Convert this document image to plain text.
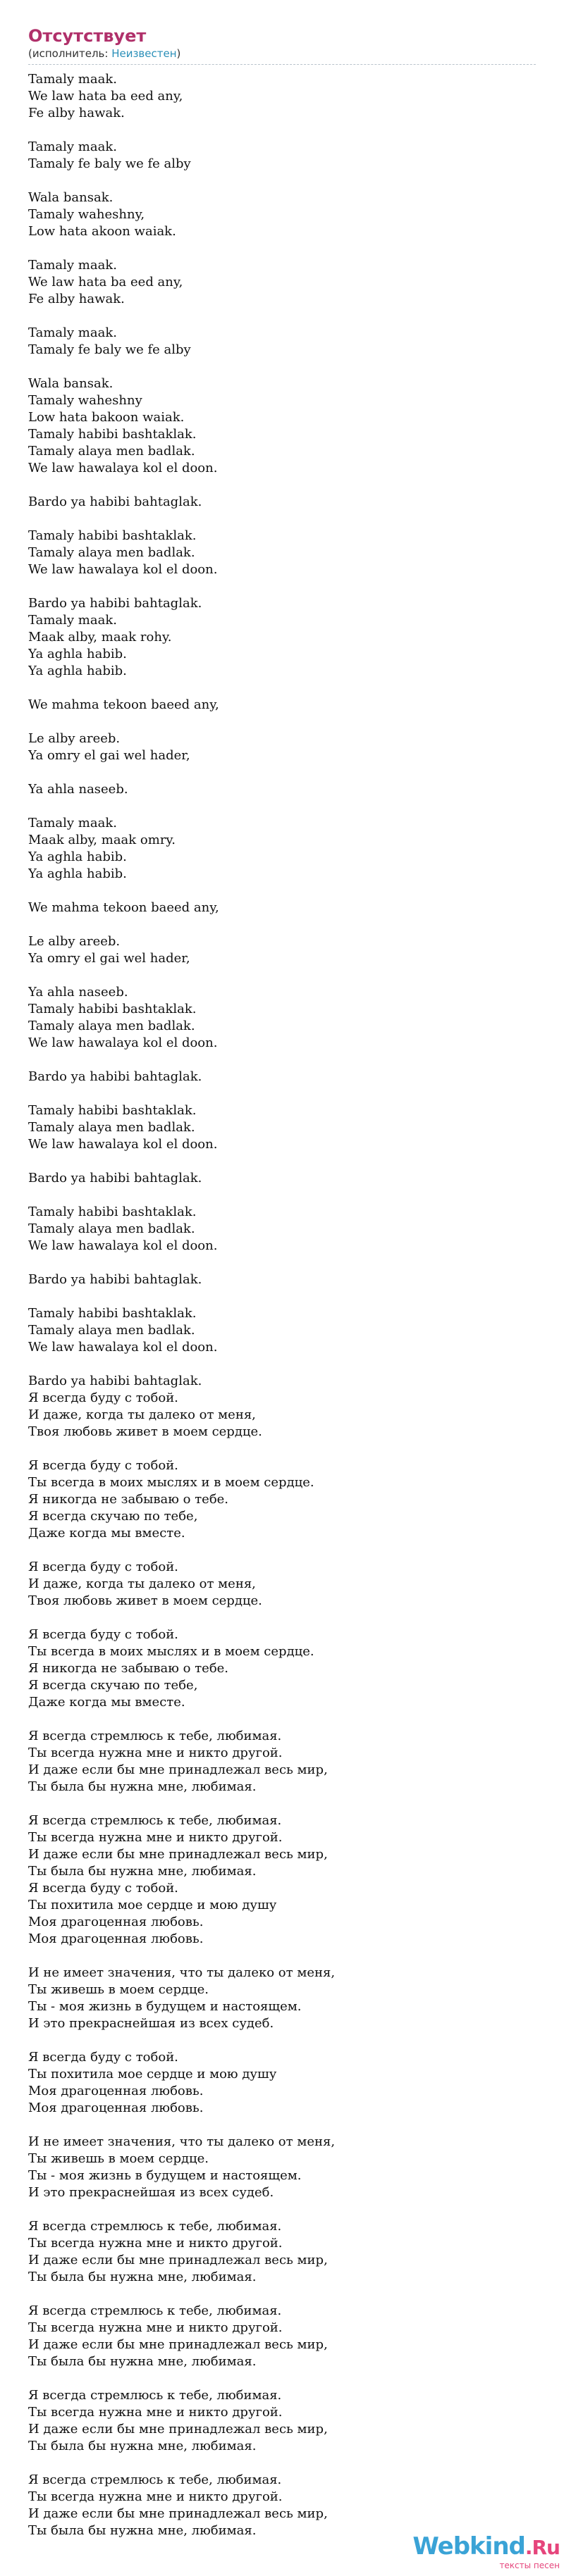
Отсутствует
(исполнитель: Неизвестен)
Tamaly maak.
We law hata ba eed any,
Fe alby hawak.
Tamaly maak.
Tamaly fe baly we fe alby
Wala bansak.
Tamaly waheshny,
Low hata akoon waiak.
Tamaly maak.
We law hata ba eed any,
Fe alby hawak.
Tamaly maak.
Tamaly fe baly we fe alby
Wala bansak.
Tamaly waheshny
Low hata bakoon waiak.
Tamaly habibi bashtaklak.
Tamaly alaya men badlak.
We law hawalaya kol el doon.
Bardo ya habibi bahtaglak.
Tamaly habibi bashtaklak.
Tamaly alaya men badlak.
We law hawalaya kol el doon.
Bardo ya habibi bahtaglak.
Tamaly maak.
Maak alby, maak rohy.
Ya aghla habib.
Ya aghla habib.
We mahma tekoon baeed any,
Le alby areeb.
Ya omry el gai wel hader,
Ya ahla naseeb.
Tamaly maak.
Maak alby, maak omry.
Ya aghla habib.
Ya aghla habib.
We mahma tekoon baeed any,
Le alby areeb.
Ya omry el gai wel hader,
Ya ahla naseeb.
Tamaly habibi bashtaklak.
Tamaly alaya men badlak.
We law hawalaya kol el doon.
Bardo ya habibi bahtaglak.
Tamaly habibi bashtaklak.
Tamaly alaya men badlak.
We law hawalaya kol el doon.
Bardo ya habibi bahtaglak.
Tamaly habibi bashtaklak.
Tamaly alaya men badlak.
We law hawalaya kol el doon.
Bardo ya habibi bahtaglak.
Tamaly habibi bashtaklak.
Tamaly alaya men badlak.
We law hawalaya kol el doon.
Bardo ya habibi bahtaglak.
Я всегда буду с тобой.
И даже, когда ты далеко от меня,
Твоя любовь живет в моем сердце.
Я всегда буду с тобой.
Ты всегда в моих мыслях и в моем сердце.
Я никогда не забываю о тебе.
Я всегда скучаю по тебе,
Даже когда мы вместе.
Я всегда буду с тобой.
И даже, когда ты далеко от меня,
Твоя любовь живет в моем сердце.
Я всегда буду с тобой.
Ты всегда в моих мыслях и в моем сердце.
Я никогда не забываю о тебе.
Я всегда скучаю по тебе,
Даже когда мы вместе.
Я всегда стремлюсь к тебе, любимая.
Ты всегда нужна мне и никто другой.
И даже если бы мне принадлежал весь мир,
Ты была бы нужна мне, любимая.
Я всегда стремлюсь к тебе, любимая.
Ты всегда нужна мне и никто другой.
И даже если бы мне принадлежал весь мир,
Ты была бы нужна мне, любимая.
Я всегда буду с тобой.
Ты похитила мое сердце и мою душу
Моя драгоценная любовь.
Моя драгоценная любовь.
И не имеет значения, что ты далеко от меня,
Ты живешь в моем сердце.
Ты - моя жизнь в будущем и настоящем.
И это прекраснейшая из всех судеб.
Я всегда буду с тобой.
Ты похитила мое сердце и мою душу
Моя драгоценная любовь.
Моя драгоценная любовь.
И не имеет значения, что ты далеко от меня,
Ты живешь в моем сердце.
Ты - моя жизнь в будущем и настоящем.
И это прекраснейшая из всех судеб.
Я всегда стремлюсь к тебе, любимая.
Ты всегда нужна мне и никто другой.
И даже если бы мне принадлежал весь мир,
Ты была бы нужна мне, любимая.
Я всегда стремлюсь к тебе, любимая.
Ты всегда нужна мне и никто другой.
И даже если бы мне принадлежал весь мир,
Ты была бы нужна мне, любимая.
Я всегда стремлюсь к тебе, любимая.
Ты всегда нужна мне и никто другой.
И даже если бы мне принадлежал весь мир,
Ты была бы нужна мне, любимая.
Я всегда стремлюсь к тебе, любимая.
Ты всегда нужна мне и никто другой.
И даже если бы мне принадлежал весь мир,
Ты была бы нужна мне, любимая.
Webkind.Ru
тексты песен
